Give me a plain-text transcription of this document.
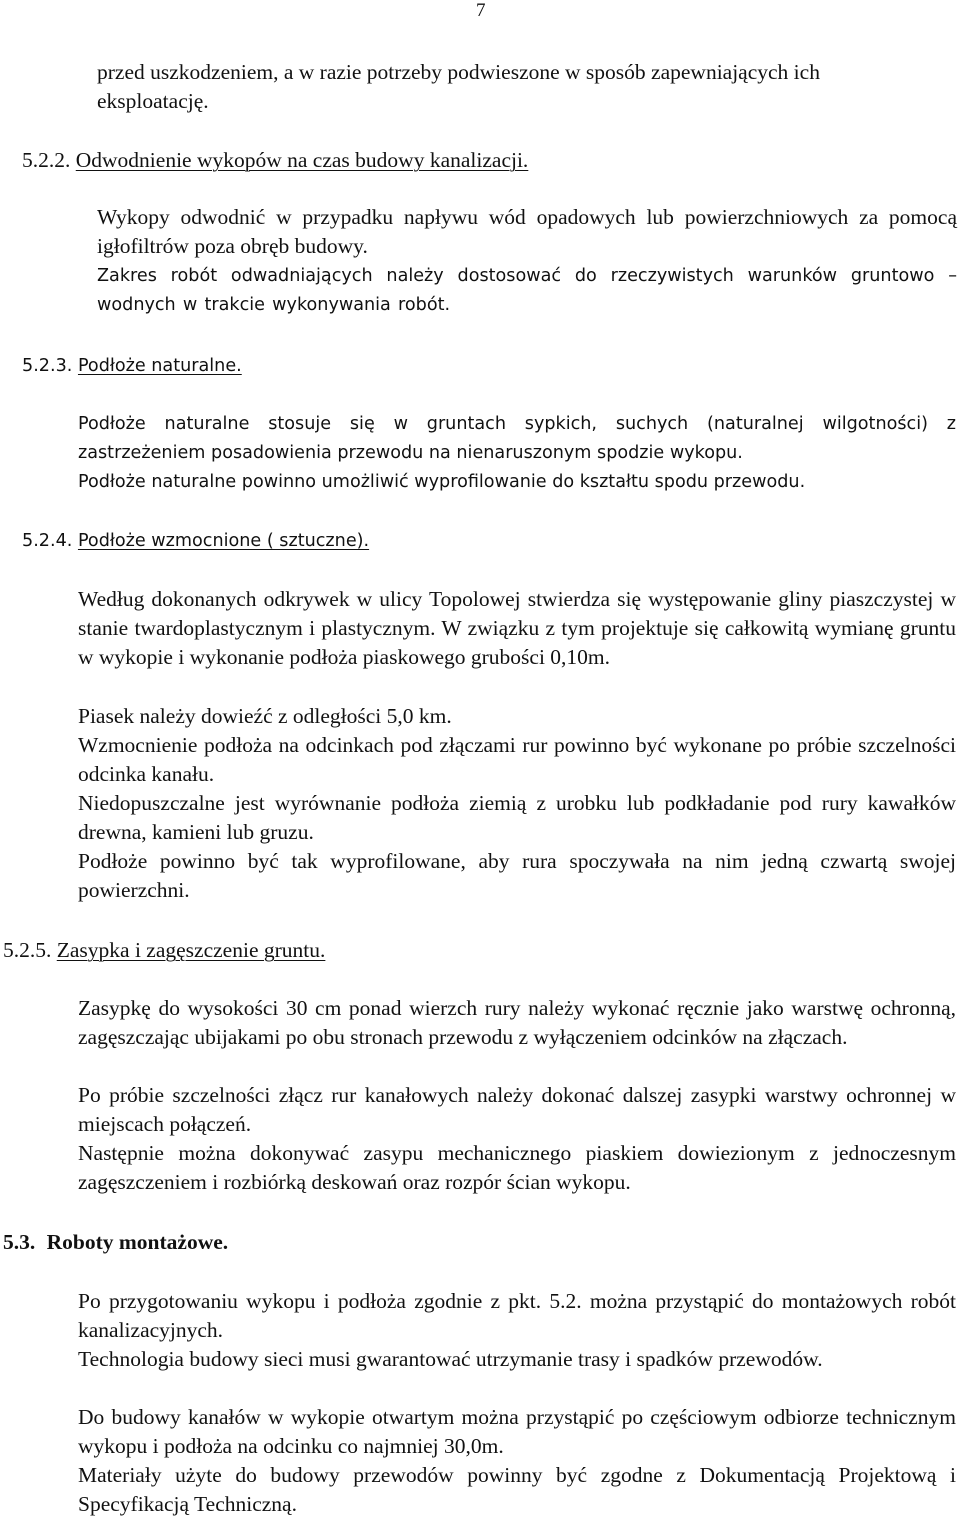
7

przed uszkodzeniem, a w razie potrzeby podwieszone w sposób zapewniających ich
eksploatację.

5.2.2. Odwodnienie wykopów na czas budowy kanalizacji.

Wykopy odwodnić w przypadku napływu wód opadowych lub powierzchniowych za pomocą igłofiltrów poza obręb budowy.

Zakres robót odwadniających należy dostosować do rzeczywistych warunków gruntowo – wodnych w trakcie wykonywania robót.

5.2.3. Podłoże naturalne.

Podłoże naturalne stosuje się w gruntach sypkich, suchych (naturalnej wilgotności) z zastrzeżeniem posadowienia przewodu na nienaruszonym spodzie wykopu.

Podłoże naturalne powinno umożliwić wyprofilowanie do kształtu spodu przewodu.

5.2.4. Podłoże wzmocnione ( sztuczne).

Według dokonanych odkrywek w ulicy Topolowej stwierdza się występowanie gliny piaszczystej w stanie twardoplastycznym i plastycznym. W związku z tym projektuje się całkowitą wymianę gruntu w wykopie i wykonanie podłoża piaskowego grubości 0,10m.

Piasek należy dowieźć z odległości 5,0 km.

Wzmocnienie podłoża na odcinkach pod złączami rur powinno być wykonane po próbie szczelności odcinka kanału.

Niedopuszczalne jest wyrównanie podłoża ziemią z urobku lub podkładanie pod rury kawałków drewna, kamieni lub gruzu.

Podłoże powinno być tak wyprofilowane, aby rura spoczywała na nim jedną czwartą swojej powierzchni.

5.2.5. Zasypka i zagęszczenie gruntu.

Zasypkę do wysokości 30 cm ponad wierzch rury należy wykonać ręcznie jako warstwę ochronną, zagęszczając ubijakami po obu stronach przewodu z wyłączeniem odcinków na złączach.

Po próbie szczelności złącz rur kanałowych należy dokonać dalszej zasypki warstwy ochronnej w miejscach połączeń.

Następnie można dokonywać zasypu mechanicznego piaskiem dowiezionym z jednoczesnym zagęszczeniem i rozbiórką deskowań oraz rozpór ścian wykopu.

5.3. Roboty montażowe.

Po przygotowaniu wykopu i podłoża zgodnie z pkt. 5.2. można przystąpić do montażowych robót kanalizacyjnych.

Technologia budowy sieci musi gwarantować utrzymanie trasy i spadków przewodów.

Do budowy kanałów w wykopie otwartym można przystąpić po częściowym odbiorze technicznym wykopu i podłoża na odcinku co najmniej 30,0m.

Materiały użyte do budowy przewodów powinny być zgodne z Dokumentacją Projektową i Specyfikacją Techniczną.
